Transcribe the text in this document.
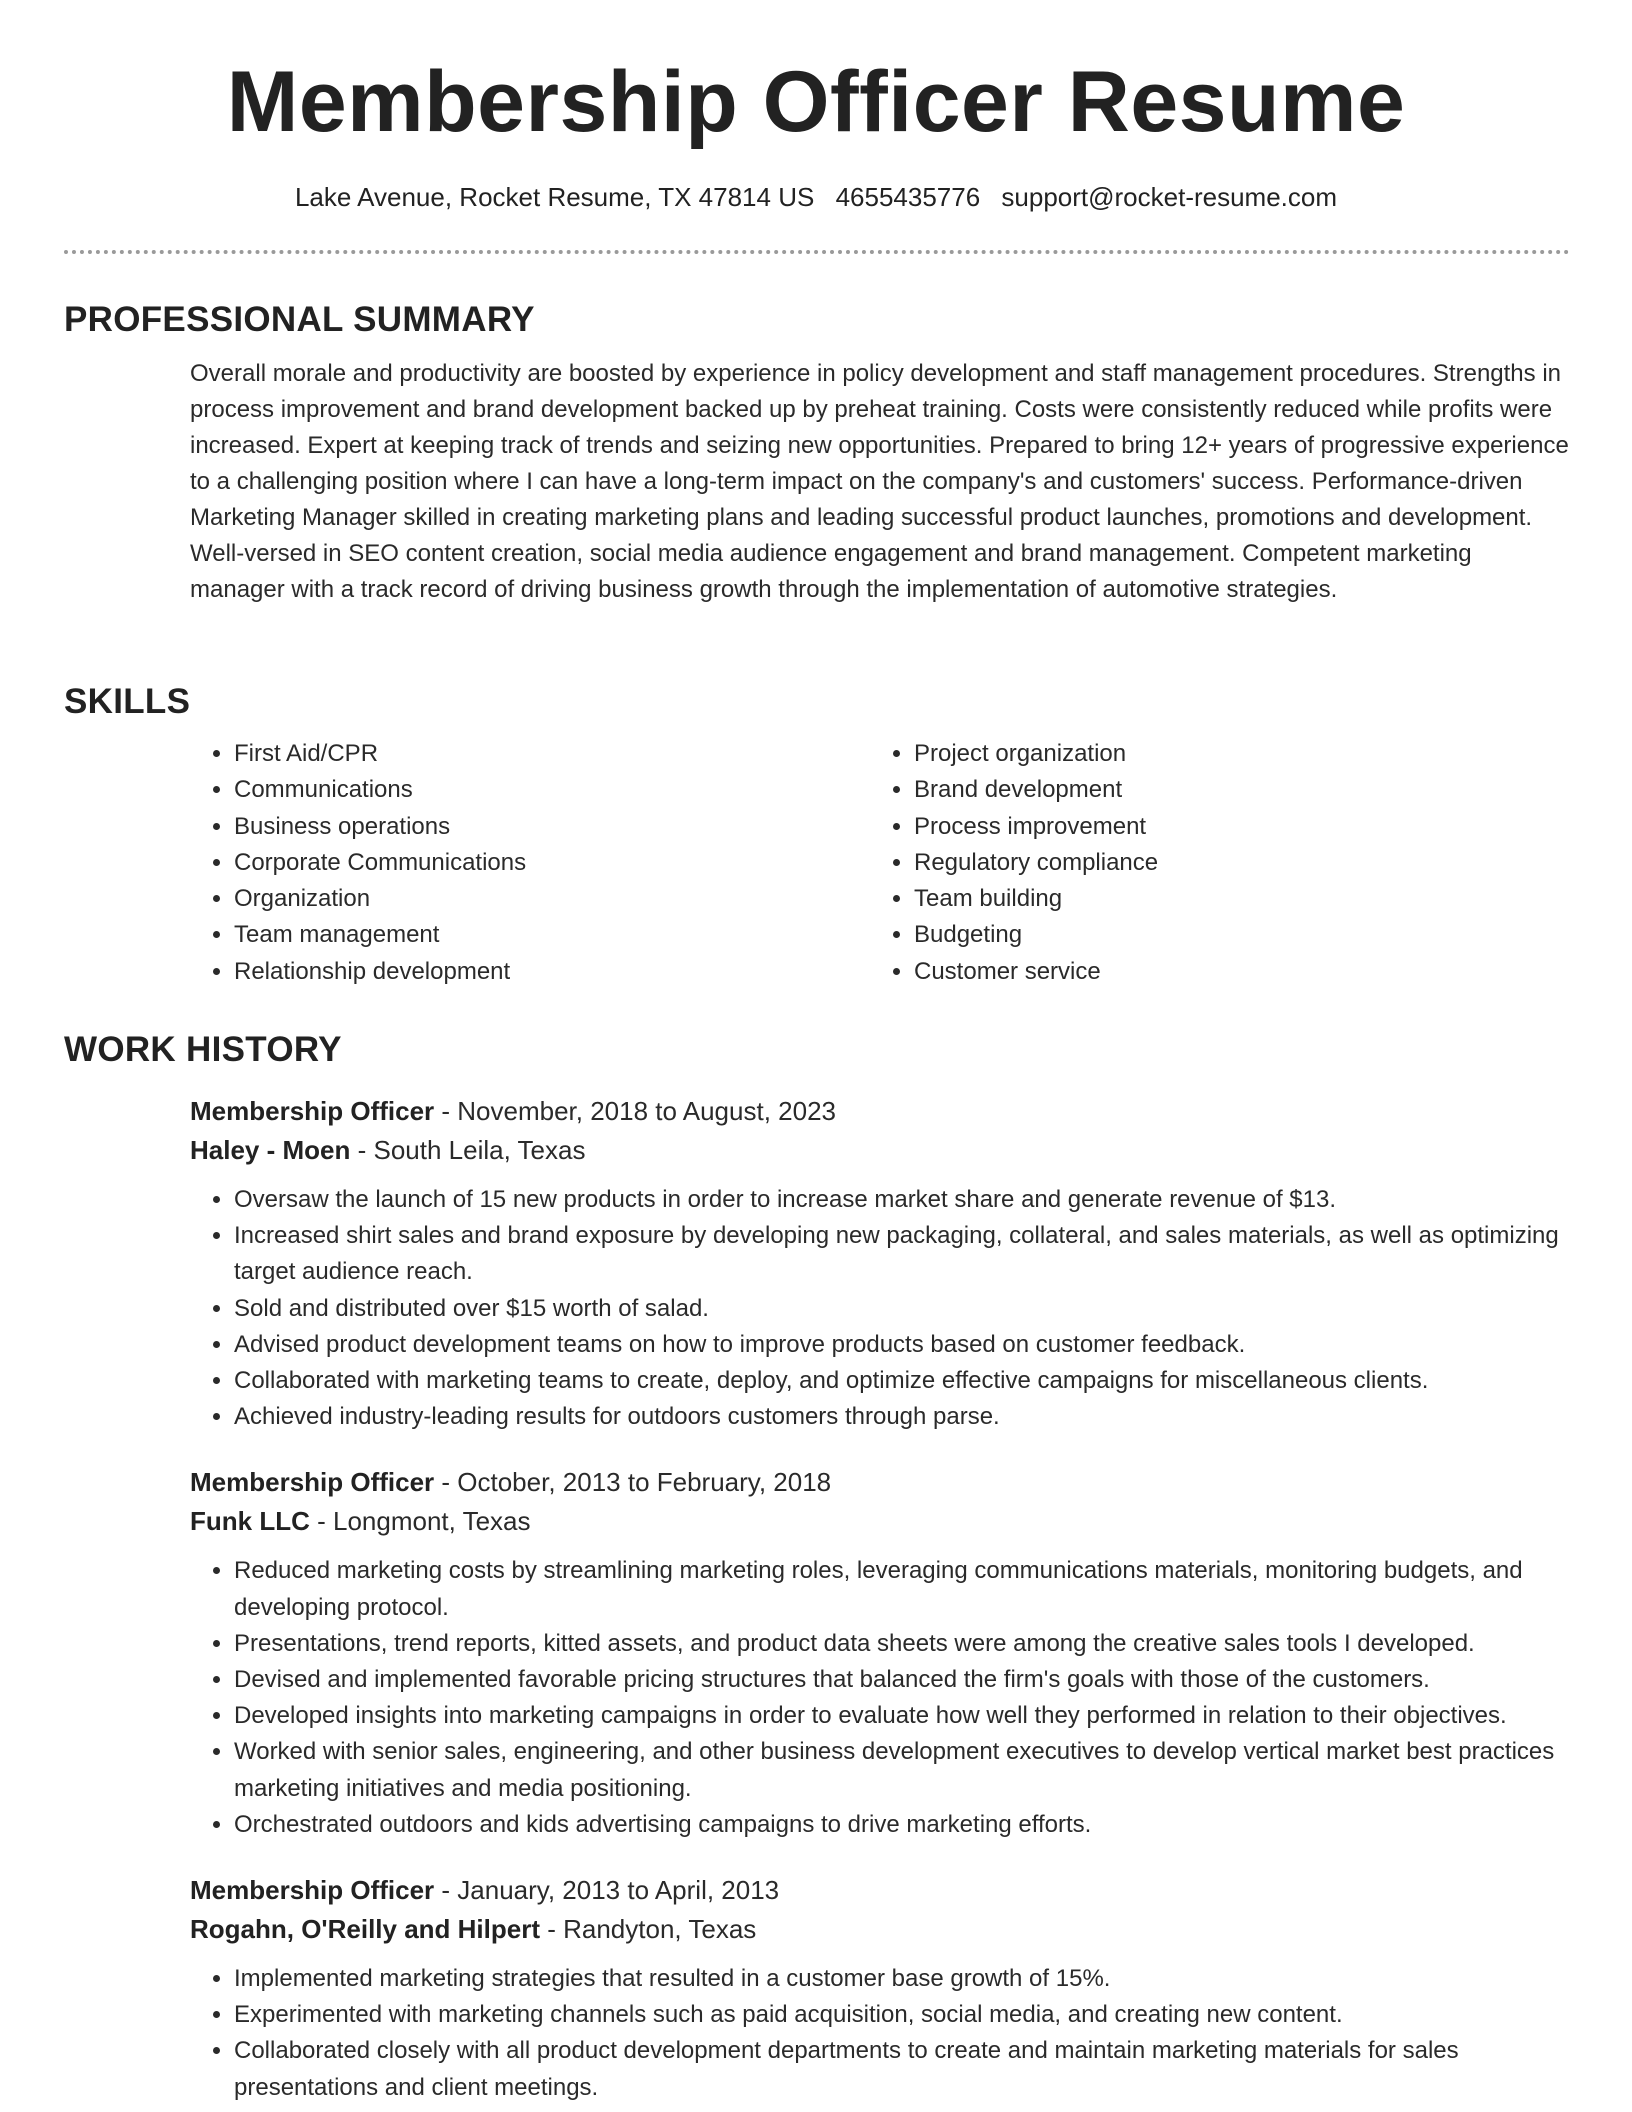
Membership Officer Resume
Lake Avenue, Rocket Resume, TX 47814 US 4655435776 support@rocket-resume.com
PROFESSIONAL SUMMARY

Overall morale and productivity are boosted by experience in policy development and staff management procedures. Strengths in process improvement and brand development backed up by preheat training. Costs were consistently reduced while profits were increased. Expert at keeping track of trends and seizing new opportunities. Prepared to bring 12+ years of progressive experience to a challenging position where I can have a long-term impact on the company's and customers' success. Performance-driven Marketing Manager skilled in creating marketing plans and leading successful product launches, promotions and development. Well-versed in SEO content creation, social media audience engagement and brand management. Competent marketing manager with a track record of driving business growth through the implementation of automotive strategies.

SKILLS
• First Aid/CPR
• Communications
• Business operations
• Corporate Communications
• Organization
• Team management
• Relationship development
• Project organization
• Brand development
• Process improvement
• Regulatory compliance
• Team building
• Budgeting
• Customer service
WORK HISTORY
Membership Officer - November, 2018 to August, 2023
Haley - Moen - South Leila, Texas
• Oversaw the launch of 15 new products in order to increase market share and generate revenue of $13.
• Increased shirt sales and brand exposure by developing new packaging, collateral, and sales materials, as well as optimizing target audience reach.
• Sold and distributed over $15 worth of salad.
• Advised product development teams on how to improve products based on customer feedback.
• Collaborated with marketing teams to create, deploy, and optimize effective campaigns for miscellaneous clients.
• Achieved industry-leading results for outdoors customers through parse.
Membership Officer - October, 2013 to February, 2018
Funk LLC - Longmont, Texas
• Reduced marketing costs by streamlining marketing roles, leveraging communications materials, monitoring budgets, and developing protocol.
• Presentations, trend reports, kitted assets, and product data sheets were among the creative sales tools I developed.
• Devised and implemented favorable pricing structures that balanced the firm's goals with those of the customers.
• Developed insights into marketing campaigns in order to evaluate how well they performed in relation to their objectives.
• Worked with senior sales, engineering, and other business development executives to develop vertical market best practices marketing initiatives and media positioning.
• Orchestrated outdoors and kids advertising campaigns to drive marketing efforts.
Membership Officer - January, 2013 to April, 2013
Rogahn, O'Reilly and Hilpert - Randyton, Texas
• Implemented marketing strategies that resulted in a customer base growth of 15%.
• Experimented with marketing channels such as paid acquisition, social media, and creating new content.
• Collaborated closely with all product development departments to create and maintain marketing materials for sales presentations and client meetings.
